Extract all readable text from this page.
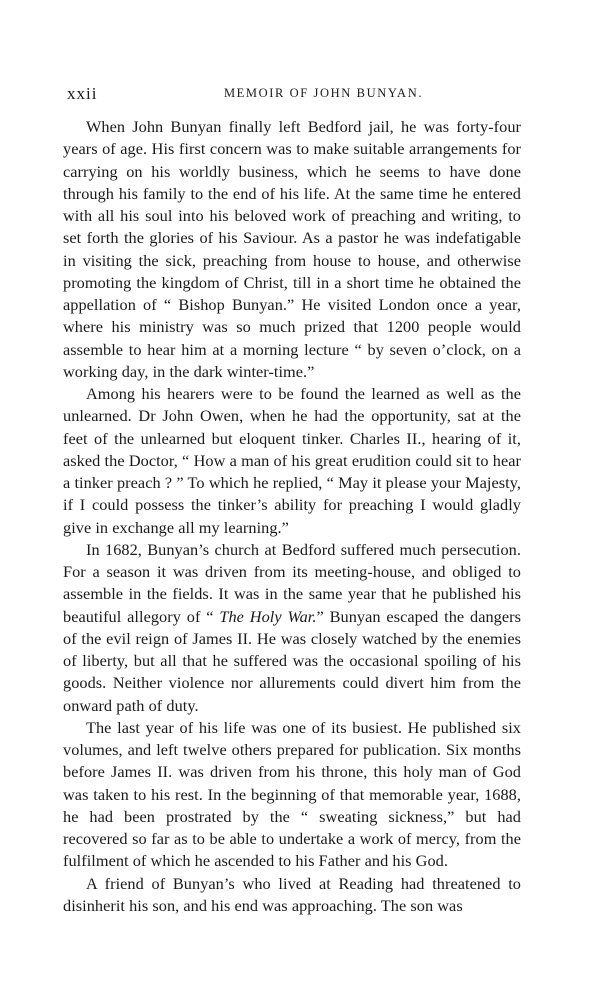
xxii	MEMOIR OF JOHN BUNYAN.

When John Bunyan finally left Bedford jail, he was forty-four years of age. His first concern was to make suitable arrangements for carrying on his worldly business, which he seems to have done through his family to the end of his life. At the same time he entered with all his soul into his beloved work of preaching and writing, to set forth the glories of his Saviour. As a pastor he was indefatigable in visiting the sick, preaching from house to house, and otherwise promoting the kingdom of Christ, till in a short time he obtained the appellation of “ Bishop Bunyan.” He visited London once a year, where his ministry was so much prized that 1200 people would assemble to hear him at a morning lecture “ by seven o’clock, on a working day, in the dark winter-time.”

Among his hearers were to be found the learned as well as the unlearned. Dr John Owen, when he had the opportunity, sat at the feet of the unlearned but eloquent tinker. Charles II., hearing of it, asked the Doctor, “ How a man of his great erudition could sit to hear a tinker preach ? ” To which he replied, “ May it please your Majesty, if I could possess the tinker’s ability for preaching I would gladly give in exchange all my learning.”

In 1682, Bunyan’s church at Bedford suffered much persecution. For a season it was driven from its meeting-house, and obliged to assemble in the fields. It was in the same year that he published his beautiful allegory of “ The Holy War.” Bunyan escaped the dangers of the evil reign of James II. He was closely watched by the enemies of liberty, but all that he suffered was the occasional spoiling of his goods. Neither violence nor allurements could divert him from the onward path of duty.

The last year of his life was one of its busiest. He published six volumes, and left twelve others prepared for publication. Six months before James II. was driven from his throne, this holy man of God was taken to his rest. In the beginning of that memorable year, 1688, he had been prostrated by the “ sweating sickness,” but had recovered so far as to be able to undertake a work of mercy, from the fulfilment of which he ascended to his Father and his God.

A friend of Bunyan’s who lived at Reading had threatened to disinherit his son, and his end was approaching. The son was
